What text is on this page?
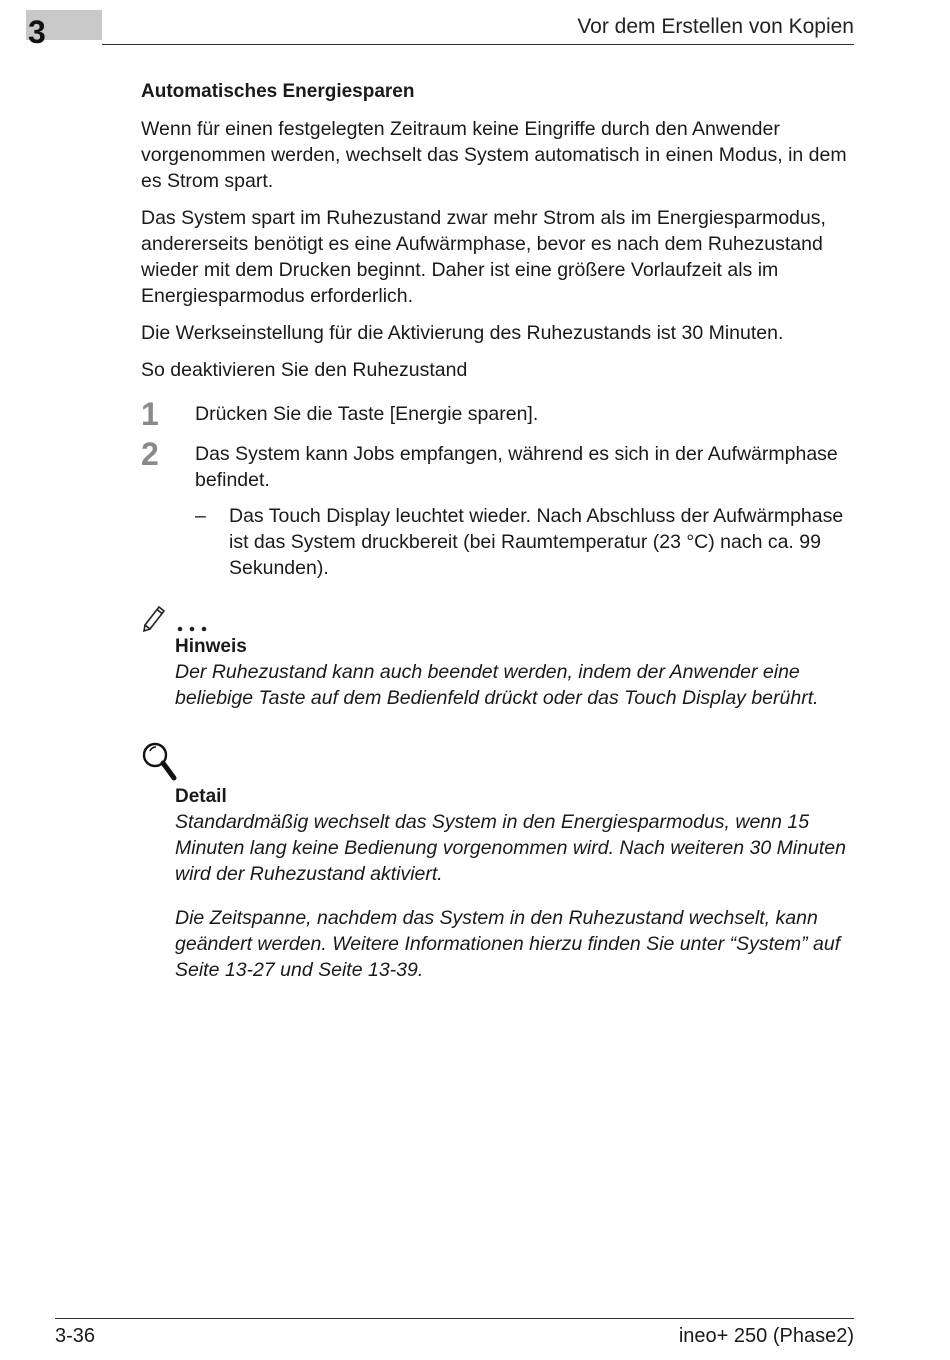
3	Vor dem Erstellen von Kopien
Automatisches Energiesparen

Wenn für einen festgelegten Zeitraum keine Eingriffe durch den Anwender vorgenommen werden, wechselt das System automatisch in einen Modus, in dem es Strom spart.

Das System spart im Ruhezustand zwar mehr Strom als im Energiesparmodus, andererseits benötigt es eine Aufwärmphase, bevor es nach dem Ruhezustand wieder mit dem Drucken beginnt. Daher ist eine größere Vorlaufzeit als im Energiesparmodus erforderlich.

Die Werkseinstellung für die Aktivierung des Ruhezustands ist 30 Minuten.

So deaktivieren Sie den Ruhezustand

1 Drücken Sie die Taste [Energie sparen].
2 Das System kann Jobs empfangen, während es sich in der Aufwärmphase befindet.
– Das Touch Display leuchtet wieder. Nach Abschluss der Aufwärmphase ist das System druckbereit (bei Raumtemperatur (23 °C) nach ca. 99 Sekunden).
Hinweis

Der Ruhezustand kann auch beendet werden, indem der Anwender eine beliebige Taste auf dem Bedienfeld drückt oder das Touch Display berührt.

Detail

Standardmäßig wechselt das System in den Energiesparmodus, wenn 15 Minuten lang keine Bedienung vorgenommen wird. Nach weiteren 30 Minuten wird der Ruhezustand aktiviert.

Die Zeitspanne, nachdem das System in den Ruhezustand wechselt, kann geändert werden. Weitere Informationen hierzu finden Sie unter “System” auf Seite 13-27 und Seite 13-39.

3-36	ineo+ 250 (Phase2)
